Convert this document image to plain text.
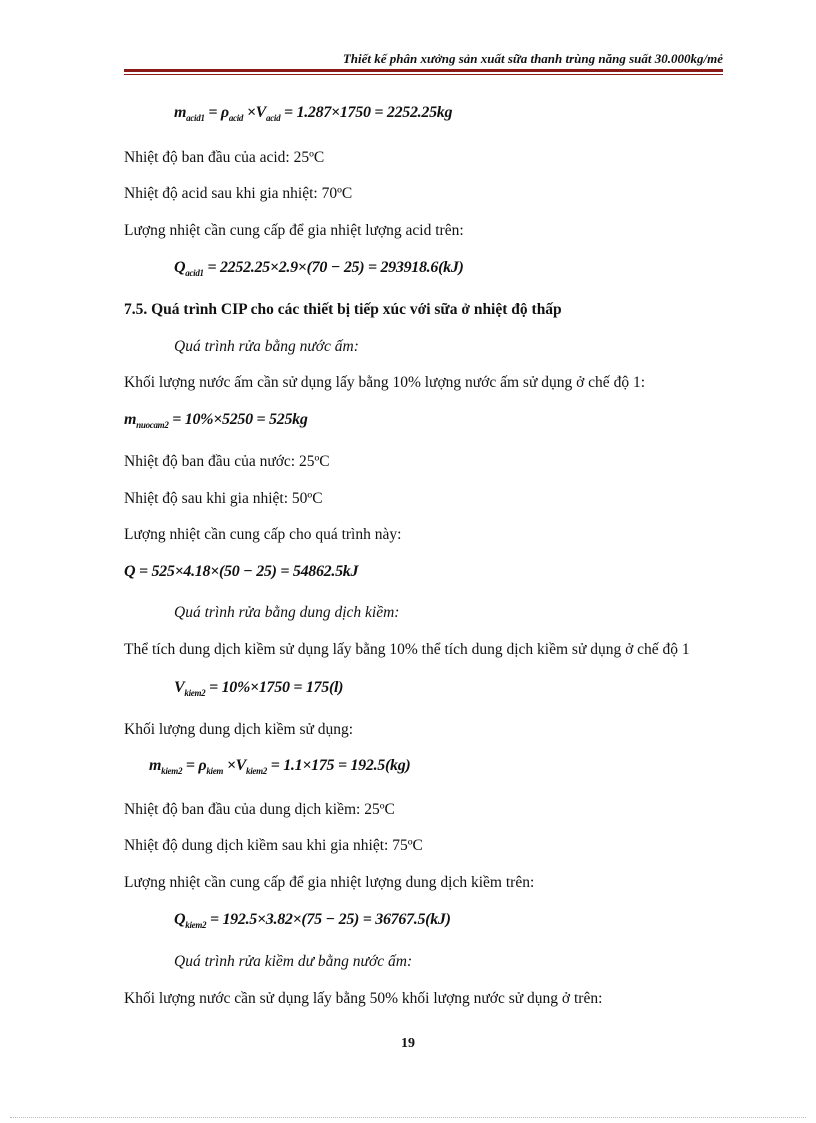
Thiết kế phân xưởng sản xuất sữa thanh trùng năng suất 30.000kg/mẻ
$m_{acid1} = \rho_{acid} \times V_{acid} = 1.287\times 1750 = 2252.25kg$
Nhiệt độ ban đầu của acid: 25ºC
Nhiệt độ acid sau khi gia nhiệt: 70ºC
Lượng nhiệt cần cung cấp để gia nhiệt lượng acid trên:
$Q_{acid1} = 2252.25\times 2.9\times(70 - 25) = 293918.6(kJ)$
7.5. Quá trình CIP cho các thiết bị tiếp xúc với sữa ở nhiệt độ thấp
Quá trình rửa bằng nước ấm:
Khối lượng nước ấm cần sử dụng lấy bằng 10% lượng nước ấm sử dụng ở chế độ 1:
$m_{nuocam2} = 10\%\times 5250 = 525kg$
Nhiệt độ ban đầu của nước: 25ºC
Nhiệt độ sau khi gia nhiệt: 50ºC
Lượng nhiệt cần cung cấp cho quá trình này:
Q = 525×4.18×(50 − 25) = 54862.5kJ
Quá trình rửa bằng dung dịch kiềm:
Thể tích dung dịch kiềm sử dụng lấy bằng 10% thể tích dung dịch kiềm sử dụng ở chế độ 1
$V_{kiem2} = 10\%\times 1750 = 175(l)$
Khối lượng dung dịch kiềm sử dụng:
$m_{kiem2} = \rho_{kiem} \times V_{kiem2} = 1.1\times 175 = 192.5(kg)$
Nhiệt độ ban đầu của dung dịch kiềm: 25ºC
Nhiệt độ dung dịch kiềm sau khi gia nhiệt: 75ºC
Lượng nhiệt cần cung cấp để gia nhiệt lượng dung dịch kiềm trên:
$Q_{kiem2} = 192.5\times 3.82\times(75 - 25) = 36767.5(kJ)$
Quá trình rửa kiềm dư bằng nước ấm:
Khối lượng nước cần sử dụng lấy bằng 50% khối lượng nước sử dụng ở trên:
19
